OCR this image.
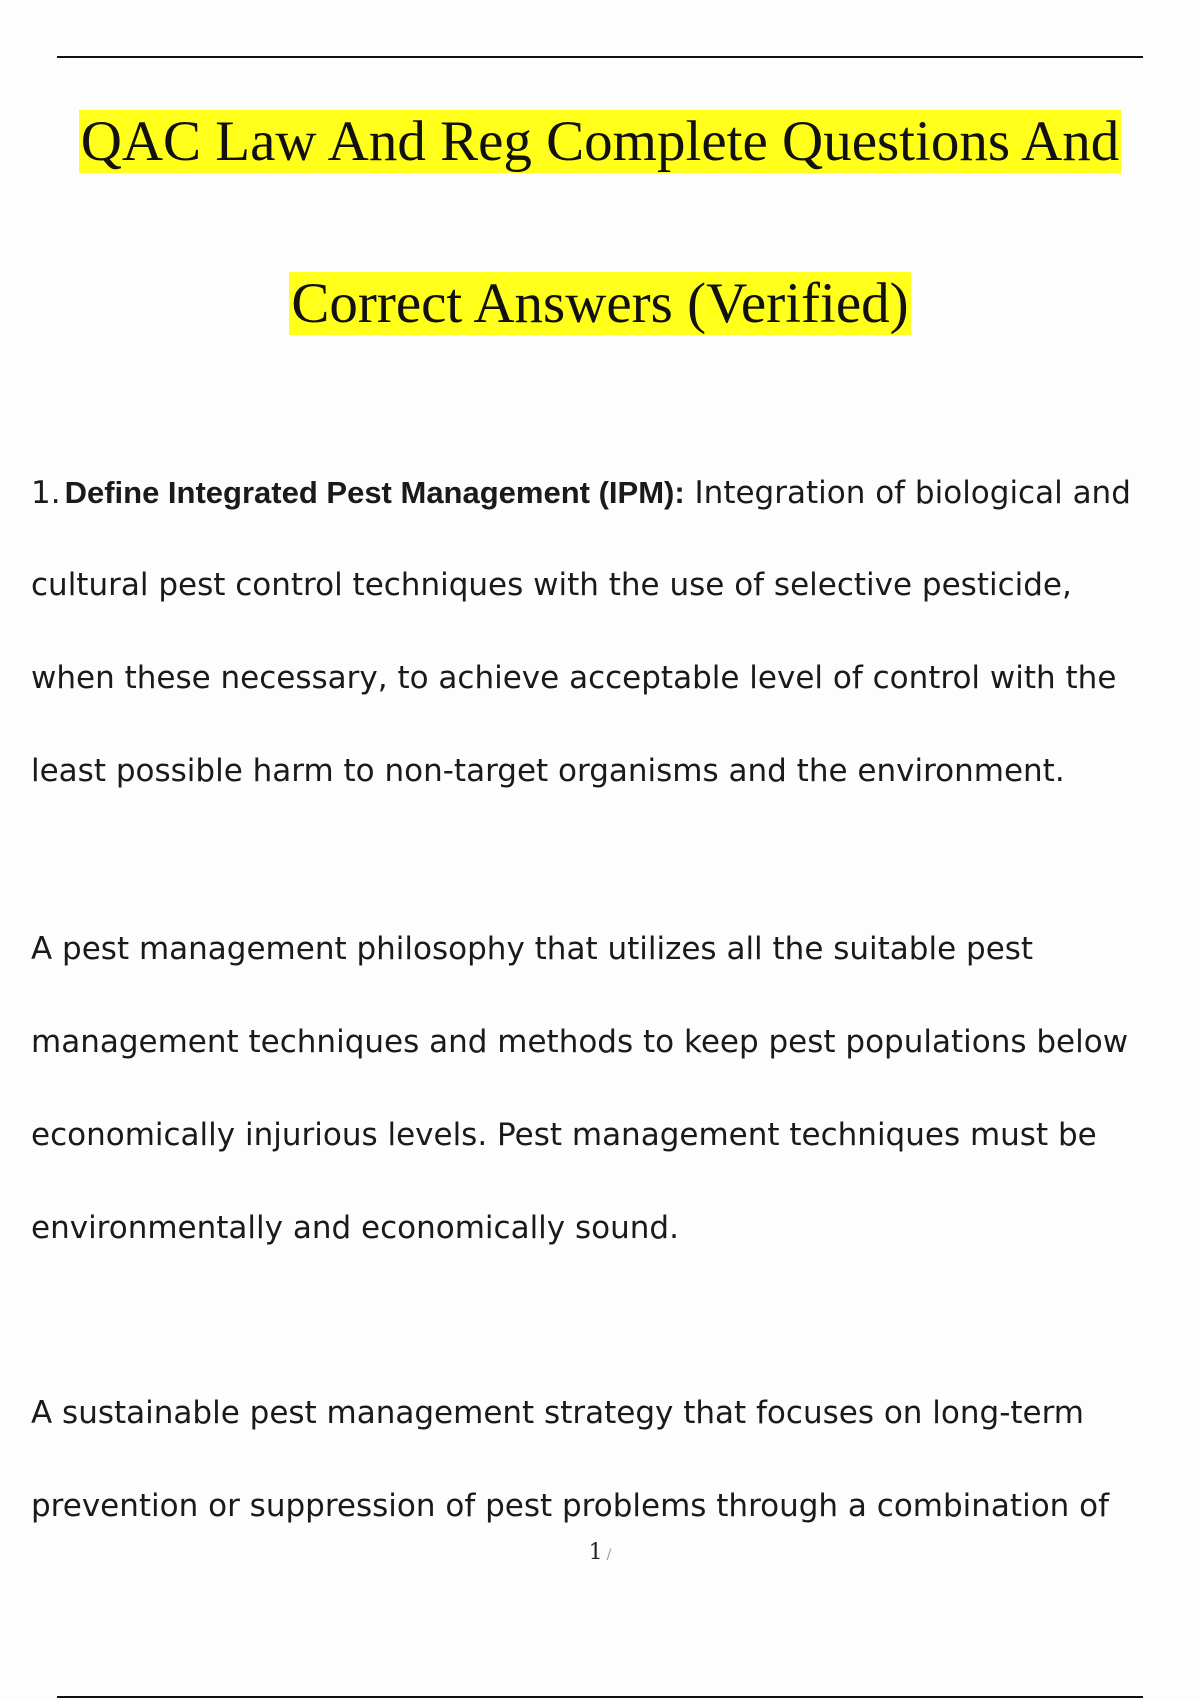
QAC Law And Reg Complete Questions And
Correct Answers (Verified)
1. Define Integrated Pest Management (IPM): Integration of biological and
cultural pest control techniques with the use of selective pesticide,
when these necessary, to achieve acceptable level of control with the
least possible harm to non-target organisms and the environment.
A pest management philosophy that utilizes all the suitable pest
management techniques and methods to keep pest populations below
economically injurious levels. Pest management techniques must be
environmentally and economically sound.
A sustainable pest management strategy that focuses on long-term
prevention or suppression of pest problems through a combination of
1 /
